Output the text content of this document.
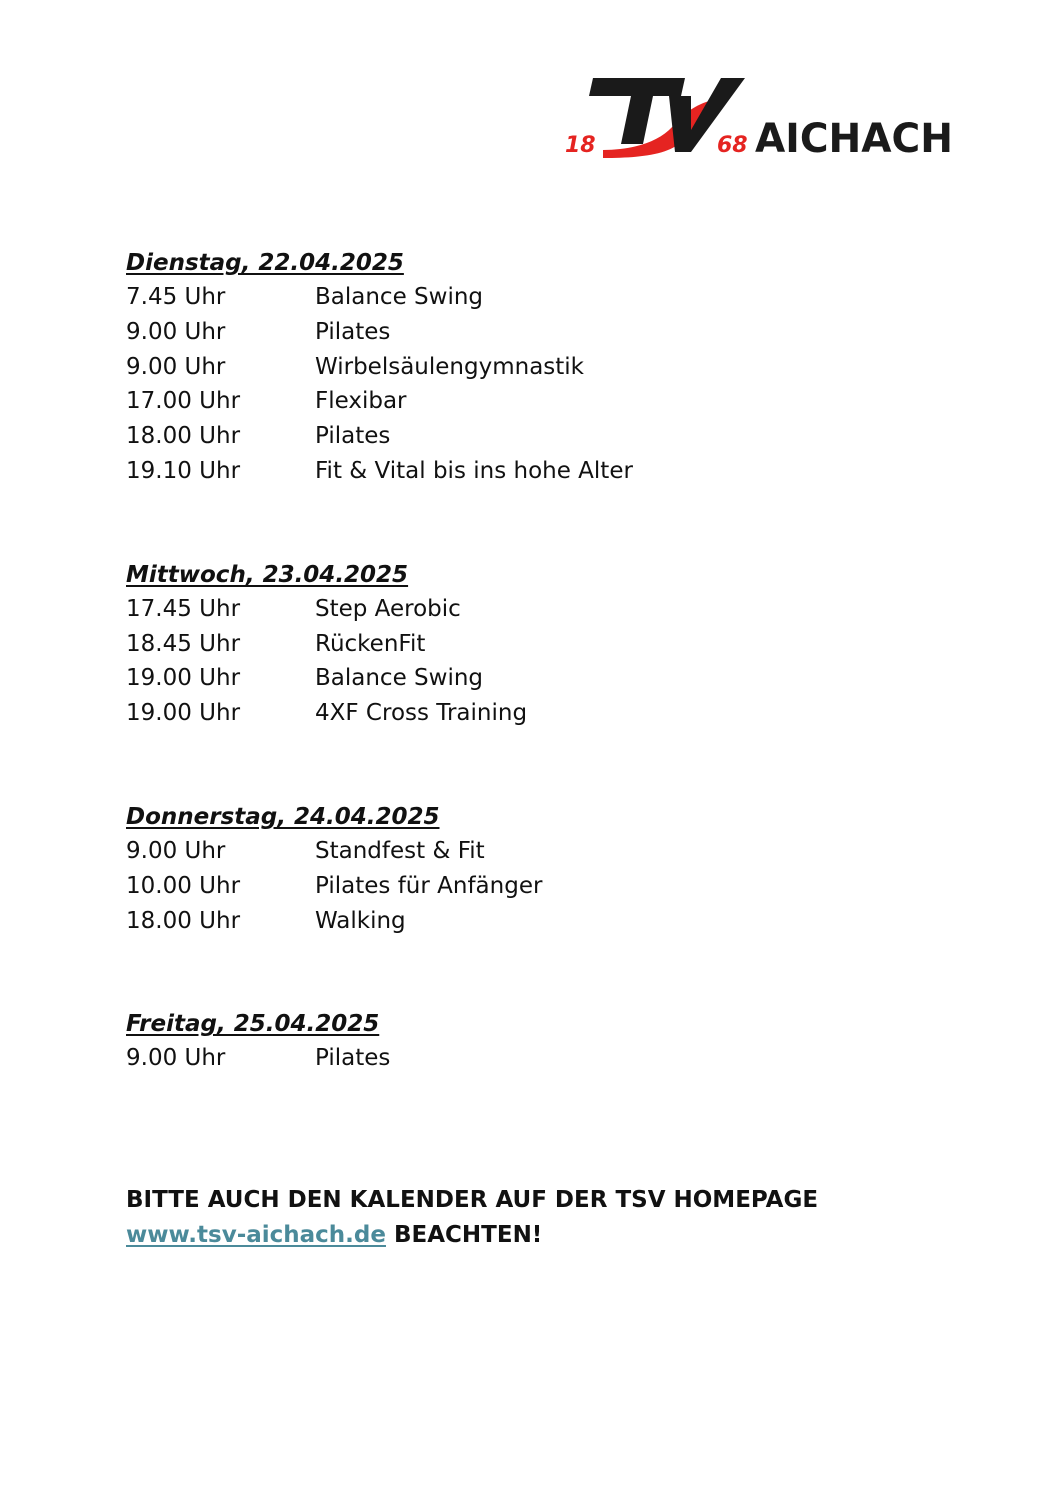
18	68 AICHACH
Dienstag, 22.04.2025
7.45 Uhr	Balance Swing
9.00 Uhr	Pilates
9.00 Uhr	Wirbelsäulengymnastik
17.00 Uhr	Flexibar
18.00 Uhr	Pilates
19.10 Uhr	Fit & Vital bis ins hohe Alter
Mittwoch, 23.04.2025
17.45 Uhr	Step Aerobic
18.45 Uhr	RückenFit
19.00 Uhr	Balance Swing
19.00 Uhr	4XF Cross Training
Donnerstag, 24.04.2025
9.00 Uhr	Standfest & Fit
10.00 Uhr	Pilates für Anfänger
18.00 Uhr	Walking
Freitag, 25.04.2025
9.00 Uhr	Pilates
BITTE AUCH DEN KALENDER AUF DER TSV HOMEPAGE
www.tsv-aichach.de BEACHTEN!
